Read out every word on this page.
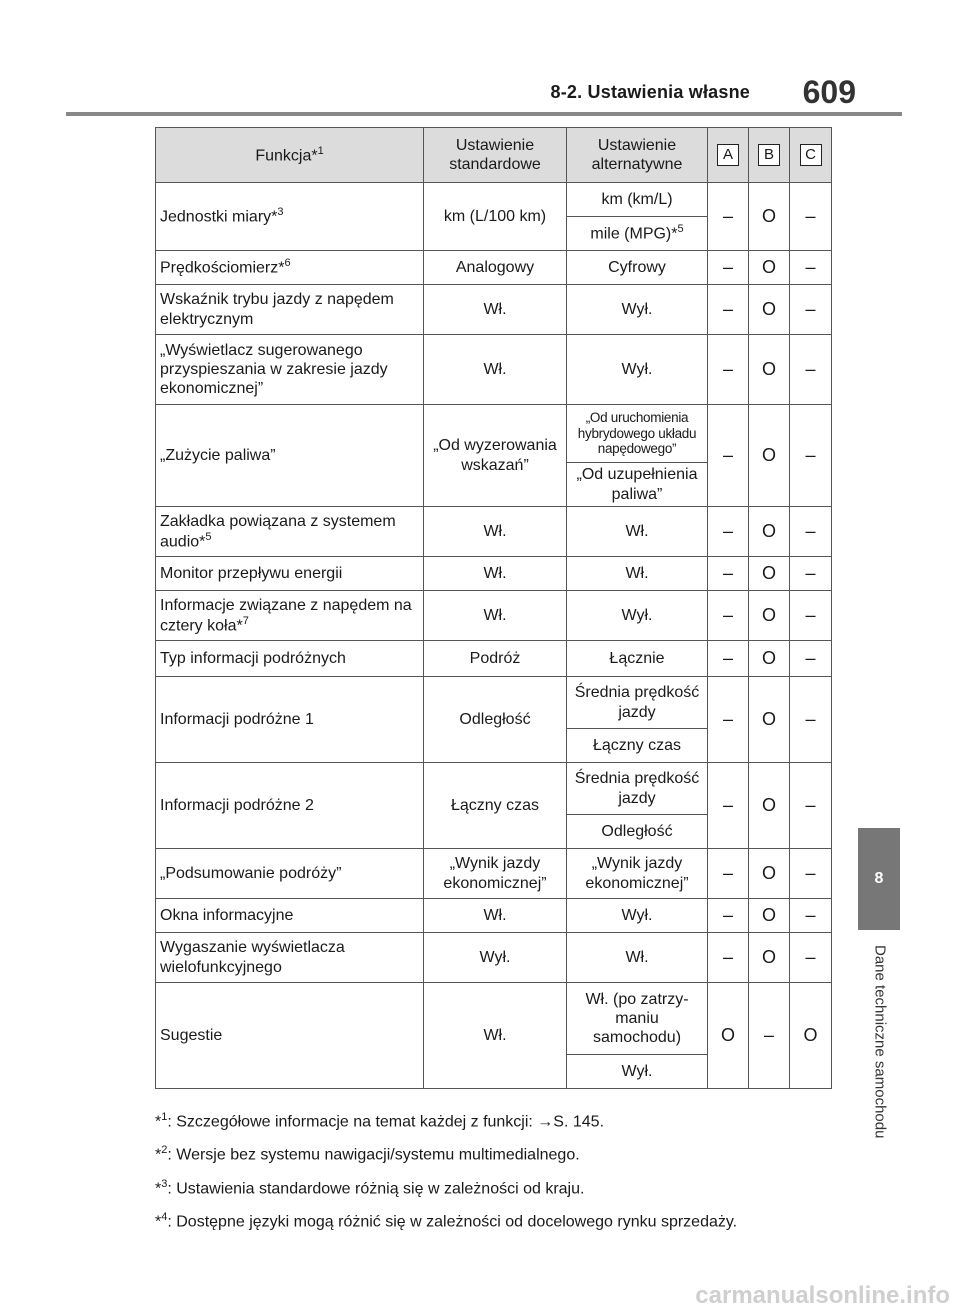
8-2. Ustawienia własne 609
8
Dane techniczne samochodu
Funkcja*$^1$	Ustawienie standardowe	Ustawienie alternatywne	A	B	C
Jednostki miary*$^3$	km (L/100 km)	km (km/L)	–	O	–
		mile (MPG)*$^5$
Prędkościomierz*$^6$	Analogowy	Cyfrowy	–	O	–
Wskaźnik trybu jazdy z napędem elektrycznym	Wł.	Wył.	–	O	–
„Wyświetlacz sugerowanego przyspieszania w zakresie jazdy ekonomicznej”	Wł.	Wył.	–	O	–
„Zużycie paliwa”	„Od wyzerowania wskazań”	„Od uruchomienia hybrydowego układu napędowego”	–	O	–
		„Od uzupełnienia paliwa”			
Zakładka powiązana z systemem audio*$^5$	Wł.	Wł.	–	O	–
Monitor przepływu energii	Wł.	Wł.	–	O	–
Informacje związane z napędem na cztery koła*$^7$	Wł.	Wył.	–	O	–
Typ informacji podróżnych	Podróż	Łącznie	–	O	–
Informacji podróżne 1	Odległość	Średnia prędkość jazdy	–	O	–
		Łączny czas			
Informacji podróżne 2	Łączny czas	Średnia prędkość jazdy	–	O	–
		Odległość			
„Podsumowanie podróży”	„Wynik jazdy ekonomicznej”	„Wynik jazdy ekonomicznej”	–	O	–
Okna informacyjne	Wł.	Wył.	–	O	–
Wygaszanie wyświetlacza wielofunkcyjnego	Wył.	Wł.	–	O	–
Sugestie	Wł.	Wł. (po zatrzy-maniu samochodu)	O	–	O
		Wył.			

*$^1$: Szczegółowe informacje na temat każdej z funkcji: →S. 145.

*$^2$: Wersje bez systemu nawigacji/systemu multimedialnego.

*$^3$: Ustawienia standardowe różnią się w zależności od kraju.

*$^4$: Dostępne języki mogą różnić się w zależności od docelowego rynku sprzedaży.

carmanualsonline.info
